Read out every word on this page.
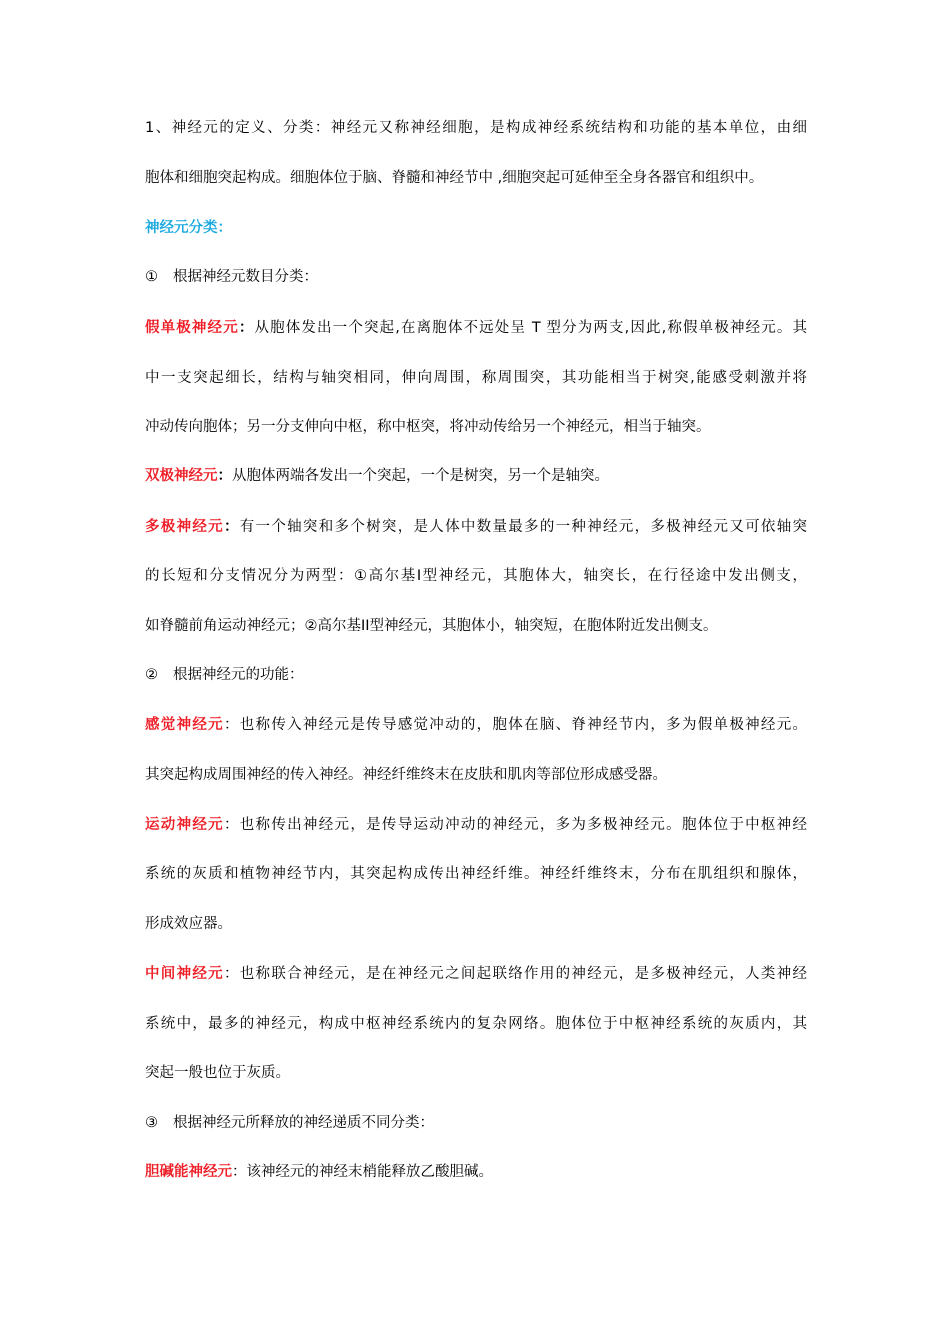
1、神经元的定义、分类：神经元又称神经细胞，是构成神经系统结构和功能的基本单位，由细
胞体和细胞突起构成。细胞体位于脑、脊髓和神经节中 ,细胞突起可延伸至全身各器官和组织中。
神经元分类：
① 根据神经元数目分类：
假单极神经元：从胞体发出一个突起,在离胞体不远处呈 T 型分为两支,因此,称假单极神经元。其
中一支突起细长，结构与轴突相同，伸向周围，称周围突，其功能相当于树突,能感受刺激并将
冲动传向胞体；另一分支伸向中枢，称中枢突，将冲动传给另一个神经元，相当于轴突。
双极神经元：从胞体两端各发出一个突起，一个是树突，另一个是轴突。
多极神经元：有一个轴突和多个树突，是人体中数量最多的一种神经元，多极神经元又可依轴突
的长短和分支情况分为两型：①高尔基I型神经元，其胞体大，轴突长，在行径途中发出侧支，
如脊髓前角运动神经元；②高尔基II型神经元，其胞体小，轴突短，在胞体附近发出侧支。
② 根据神经元的功能：
感觉神经元：也称传入神经元是传导感觉冲动的，胞体在脑、脊神经节内，多为假单极神经元。
其突起构成周围神经的传入神经。神经纤维终末在皮肤和肌肉等部位形成感受器。
运动神经元：也称传出神经元，是传导运动冲动的神经元，多为多极神经元。胞体位于中枢神经
系统的灰质和植物神经节内，其突起构成传出神经纤维。神经纤维终末，分布在肌组织和腺体，
形成效应器。
中间神经元：也称联合神经元，是在神经元之间起联络作用的神经元，是多极神经元，人类神经
系统中，最多的神经元，构成中枢神经系统内的复杂网络。胞体位于中枢神经系统的灰质内，其
突起一般也位于灰质。
③ 根据神经元所释放的神经递质不同分类：
胆碱能神经元：该神经元的神经末梢能释放乙酸胆碱。
